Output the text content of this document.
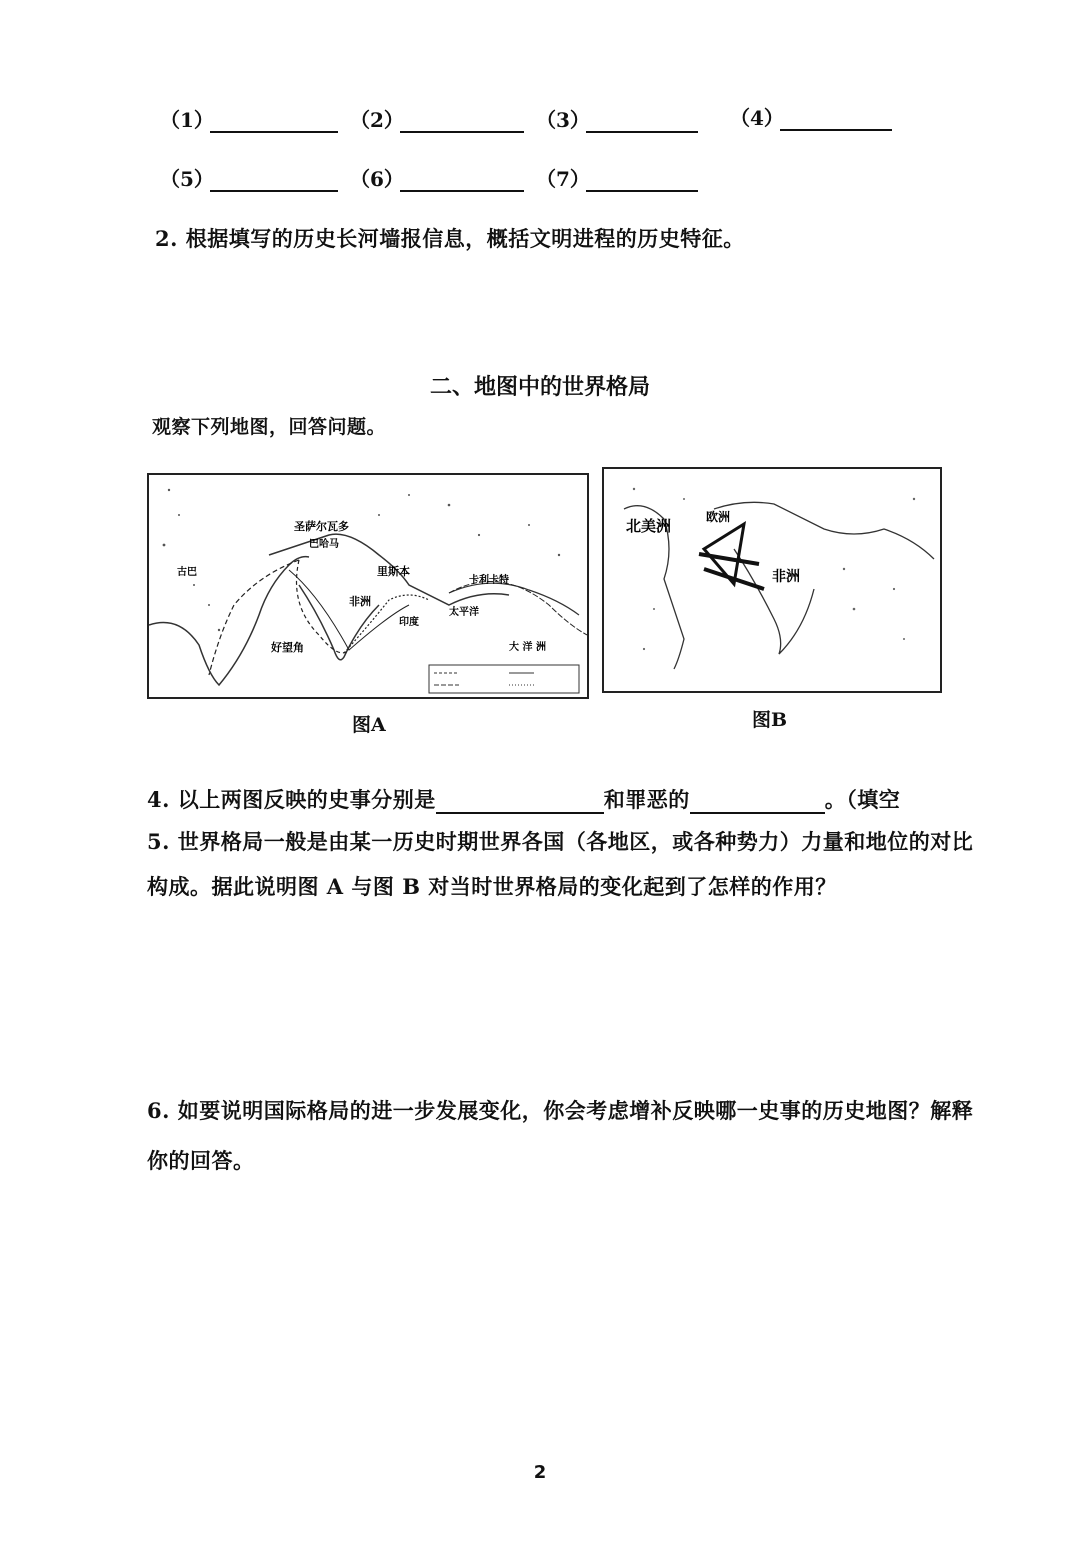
（1）	（2）	（3）	（4）
（5）	（6）	（7）
2. 根据填写的历史长河墙报信息，概括文明进程的历史特征。
二、地图中的世界格局
观察下列地图，回答问题。
圣萨尔瓦多
巴哈马
古巴	里斯本
非洲
卡利卡特
好望角
印度
太平洋
大 洋 洲
图A
北美洲	欧洲
非洲
图B
4. 以上两图反映的史事分别是	和罪恶的	。（填空
5. 世界格局一般是由某一历史时期世界各国（各地区，或各种势力）力量和地位的对比
构成。据此说明图 A 与图 B 对当时世界格局的变化起到了怎样的作用？
6. 如要说明国际格局的进一步发展变化，你会考虑增补反映哪一史事的历史地图？解释
你的回答。
2
